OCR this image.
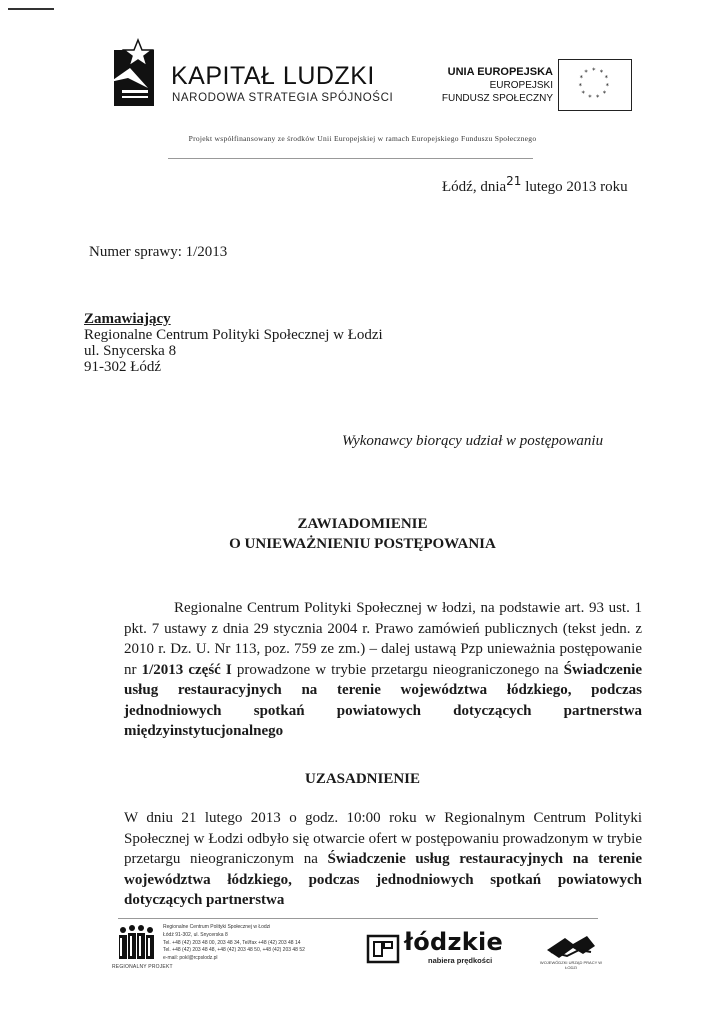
KAPITAŁ LUDZKI
NARODOWA STRATEGIA SPÓJNOŚCI
UNIA EUROPEJSKA
EUROPEJSKI
FUNDUSZ SPOŁECZNY
* *
*
*
*
*
*
*
*
*
*
Projekt współfinansowany ze środków Unii Europejskiej w ramach Europejskiego Funduszu Społecznego
Łódź, dnia$^{21}$ lutego 2013 roku
Numer sprawy: 1/2013
Zamawiający
Regionalne Centrum Polityki Społecznej w Łodzi
ul. Snycerska 8
91-302 Łódź
Wykonawcy biorący udział w postępowaniu
ZAWIADOMIENIE
O UNIEWAŻNIENIU POSTĘPOWANIA
Regionalne Centrum Polityki Społecznej w łodzi, na podstawie art. 93 ust. 1 pkt. 7 ustawy z dnia 29 stycznia 2004 r. Prawo zamówień publicznych (tekst jedn. z 2010 r. Dz. U. Nr 113, poz. 759 ze zm.) – dalej ustawą Pzp unieważnia postępowanie nr 1/2013 część I prowadzone w trybie przetargu nieograniczonego na Świadczenie usług restauracyjnych na terenie województwa łódzkiego, podczas jednodniowych spotkań powiatowych dotyczących partnerstwa międzyinstytucjonalnego
UZASADNIENIE
W dniu 21 lutego 2013 o godz. 10:00 roku w Regionalnym Centrum Polityki Społecznej w Łodzi odbyło się otwarcie ofert w postępowaniu prowadzonym w trybie przetargu nieograniczonym na Świadczenie usług restauracyjnych na terenie województwa łódzkiego, podczas jednodniowych spotkań powiatowych dotyczących partnerstwa
REGIONALNY PROJEKT
Regionalne Centrum Polityki Społecznej w Łodzi
Łódź 91-302, ul. Snycerska 8
Tel. +48 (42) 203 48 00, 203 48 34, Tel/fax +48 (42) 203 48 14
Tel. +48 (42) 203 48 48, +48 (42) 203 48 50, +48 (42) 203 48 52
e-mail: pokl@rcpslodz.pl
łódzkie
nabiera prędkości	WOJEWÓDZKI URZĄD PRACY W ŁODZI
